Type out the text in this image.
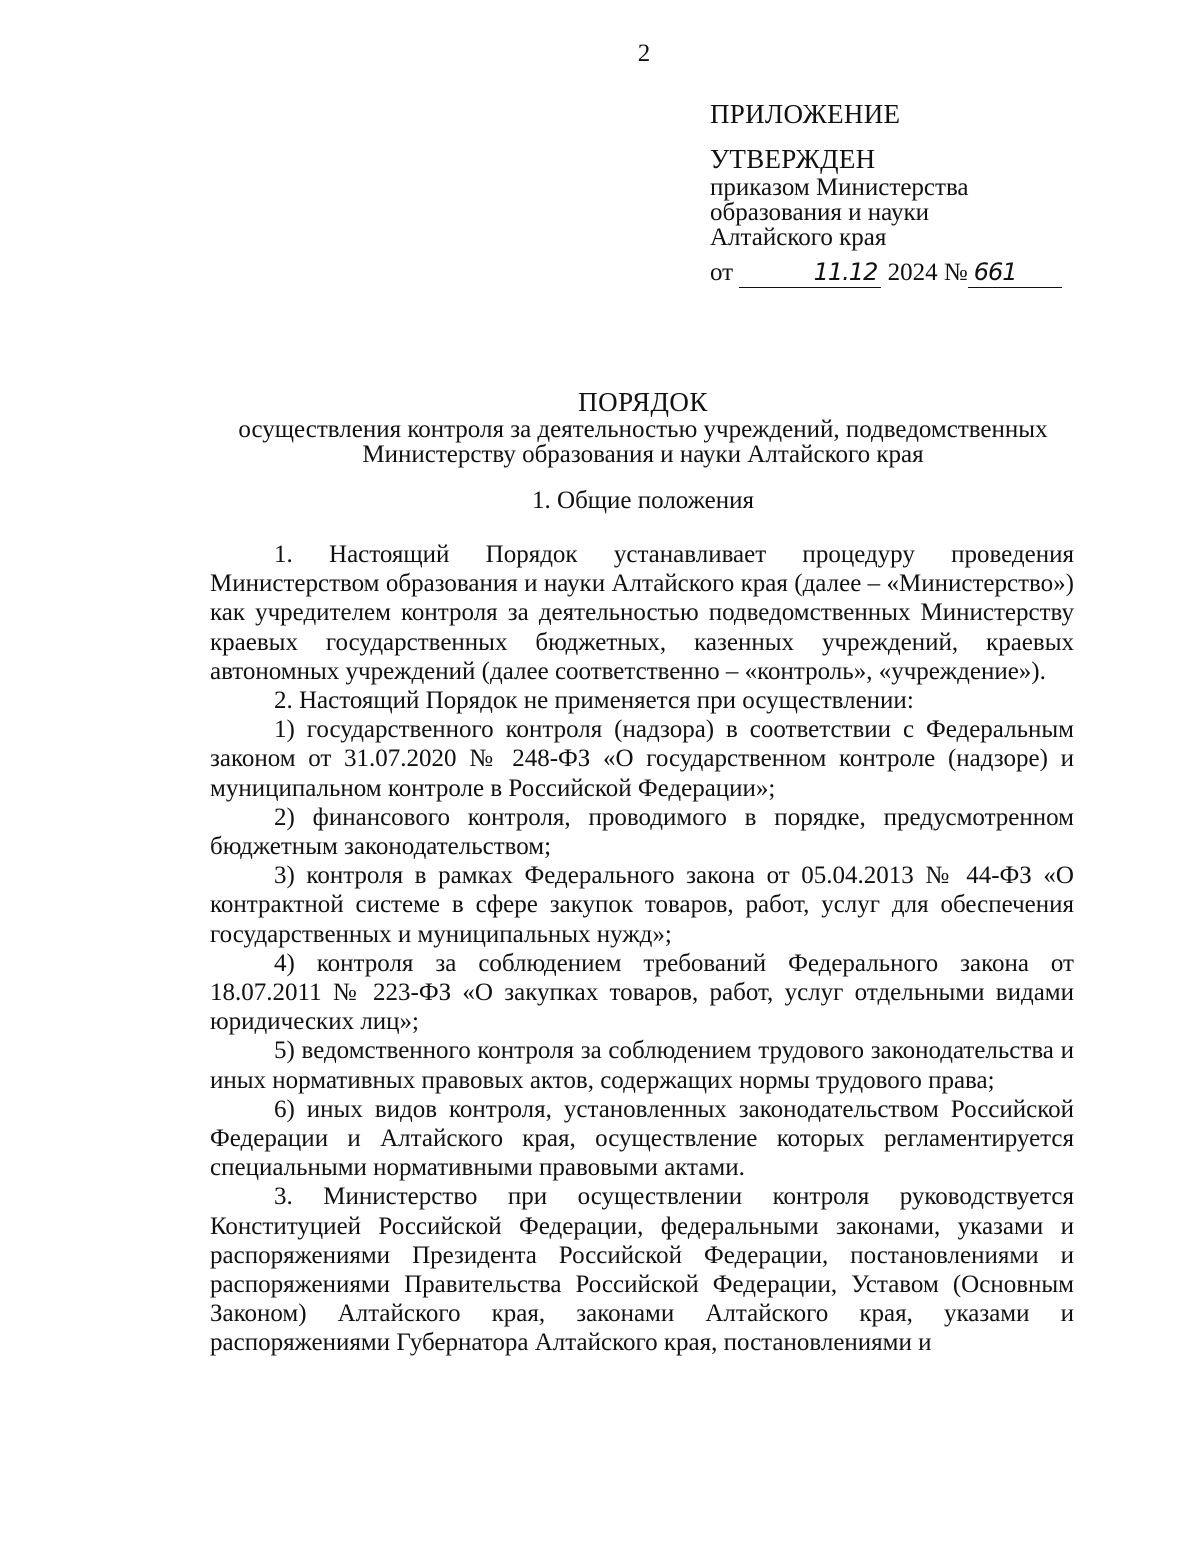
2
ПРИЛОЖЕНИЕ
УТВЕРЖДЕН
приказом Министерства
образования и науки
Алтайского края
от	11.12 2024 № 661
ПОРЯДОК
осуществления контроля за деятельностью учреждений, подведомственных
Министерству образования и науки Алтайского края
1. Общие положения

1. Настоящий Порядок устанавливает процедуру проведения Министерством образования и науки Алтайского края (далее – «Министерство») как учредителем контроля за деятельностью подведомственных Министерству краевых государственных бюджетных, казенных учреждений, краевых автономных учреждений (далее соответственно – «контроль», «учреждение»).

2. Настоящий Порядок не применяется при осуществлении:

1) государственного контроля (надзора) в соответствии с Федеральным законом от 31.07.2020 № 248-ФЗ «О государственном контроле (надзоре) и муниципальном контроле в Российской Федерации»;

2) финансового контроля, проводимого в порядке, предусмотренном бюджетным законодательством;

3) контроля в рамках Федерального закона от 05.04.2013 № 44-ФЗ «О контрактной системе в сфере закупок товаров, работ, услуг для обеспечения государственных и муниципальных нужд»;

4) контроля за соблюдением требований Федерального закона от 18.07.2011 № 223-ФЗ «О закупках товаров, работ, услуг отдельными видами юридических лиц»;

5) ведомственного контроля за соблюдением трудового законодательства и иных нормативных правовых актов, содержащих нормы трудового права;

6) иных видов контроля, установленных законодательством Российской Федерации и Алтайского края, осуществление которых регламентируется специальными нормативными правовыми актами.

3. Министерство при осуществлении контроля руководствуется Конституцией Российской Федерации, федеральными законами, указами и распоряжениями Президента Российской Федерации, постановлениями и распоряжениями Правительства Российской Федерации, Уставом (Основным Законом) Алтайского края, законами Алтайского края, указами и распоряжениями Губернатора Алтайского края, постановлениями и
